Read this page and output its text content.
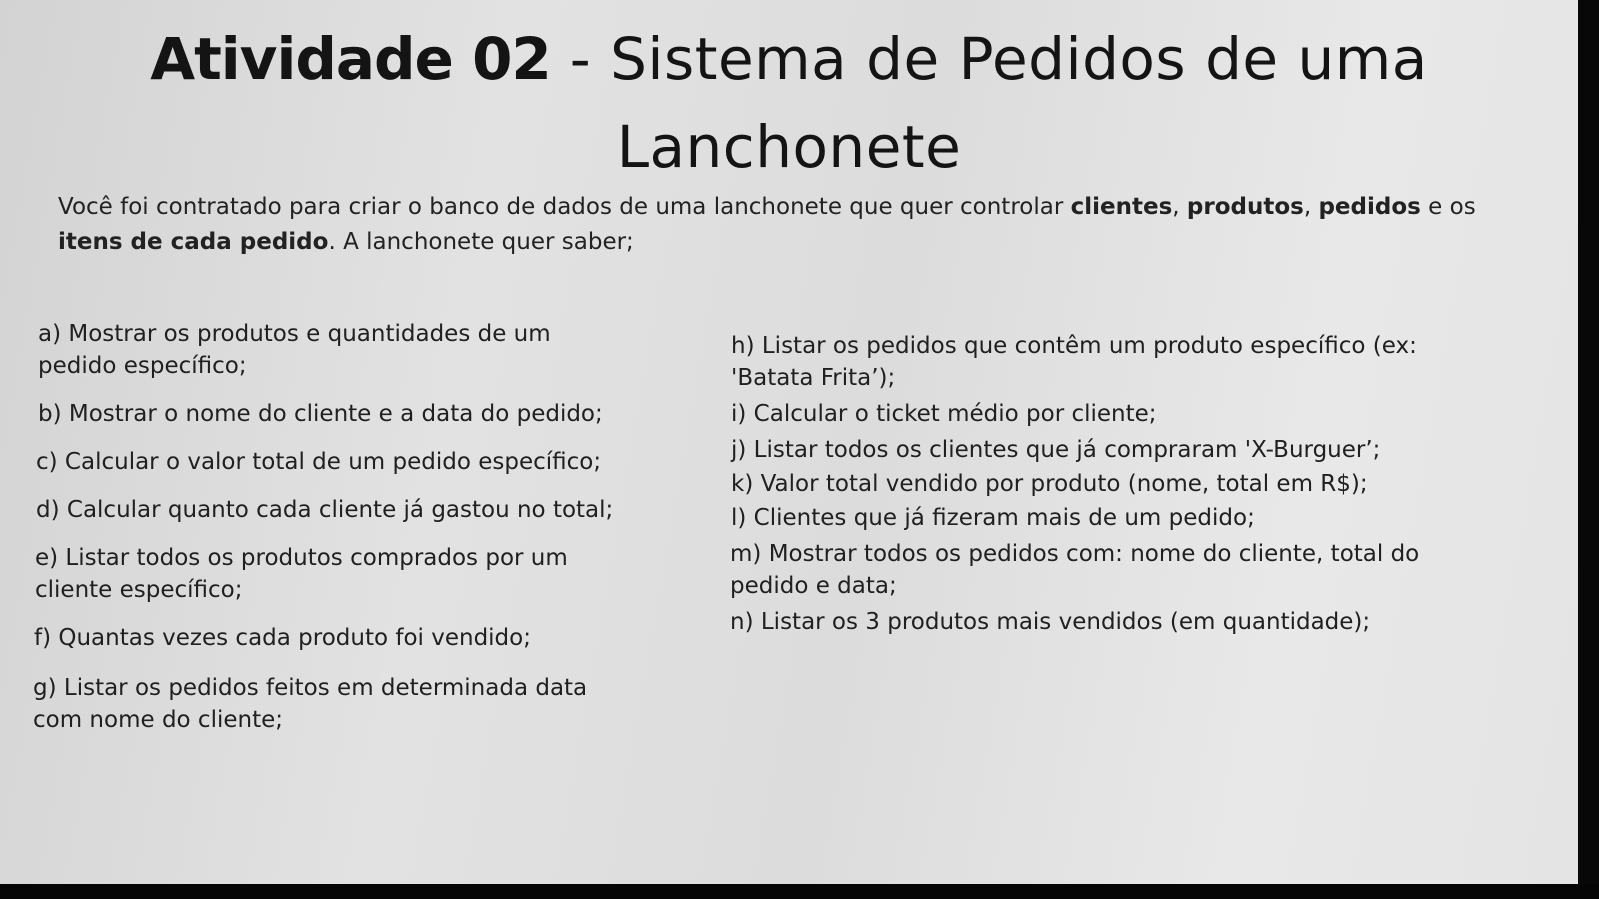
Atividade 02 - Sistema de Pedidos de uma
Lanchonete
Você foi contratado para criar o banco de dados de uma lanchonete que quer controlar clientes, produtos, pedidos e os itens de cada pedido. A lanchonete quer saber;
a) Mostrar os produtos e quantidades de um
pedido específico;
b) Mostrar o nome do cliente e a data do pedido;
c) Calcular o valor total de um pedido específico;
d) Calcular quanto cada cliente já gastou no total;
e) Listar todos os produtos comprados por um
cliente específico;
f) Quantas vezes cada produto foi vendido;
g) Listar os pedidos feitos em determinada data
com nome do cliente;
h) Listar os pedidos que contêm um produto específico (ex:
'Batata Frita’);
i) Calcular o ticket médio por cliente;
j) Listar todos os clientes que já compraram 'X-Burguer’;
k) Valor total vendido por produto (nome, total em R$);
l) Clientes que já fizeram mais de um pedido;
m) Mostrar todos os pedidos com: nome do cliente, total do
pedido e data;
n) Listar os 3 produtos mais vendidos (em quantidade);
